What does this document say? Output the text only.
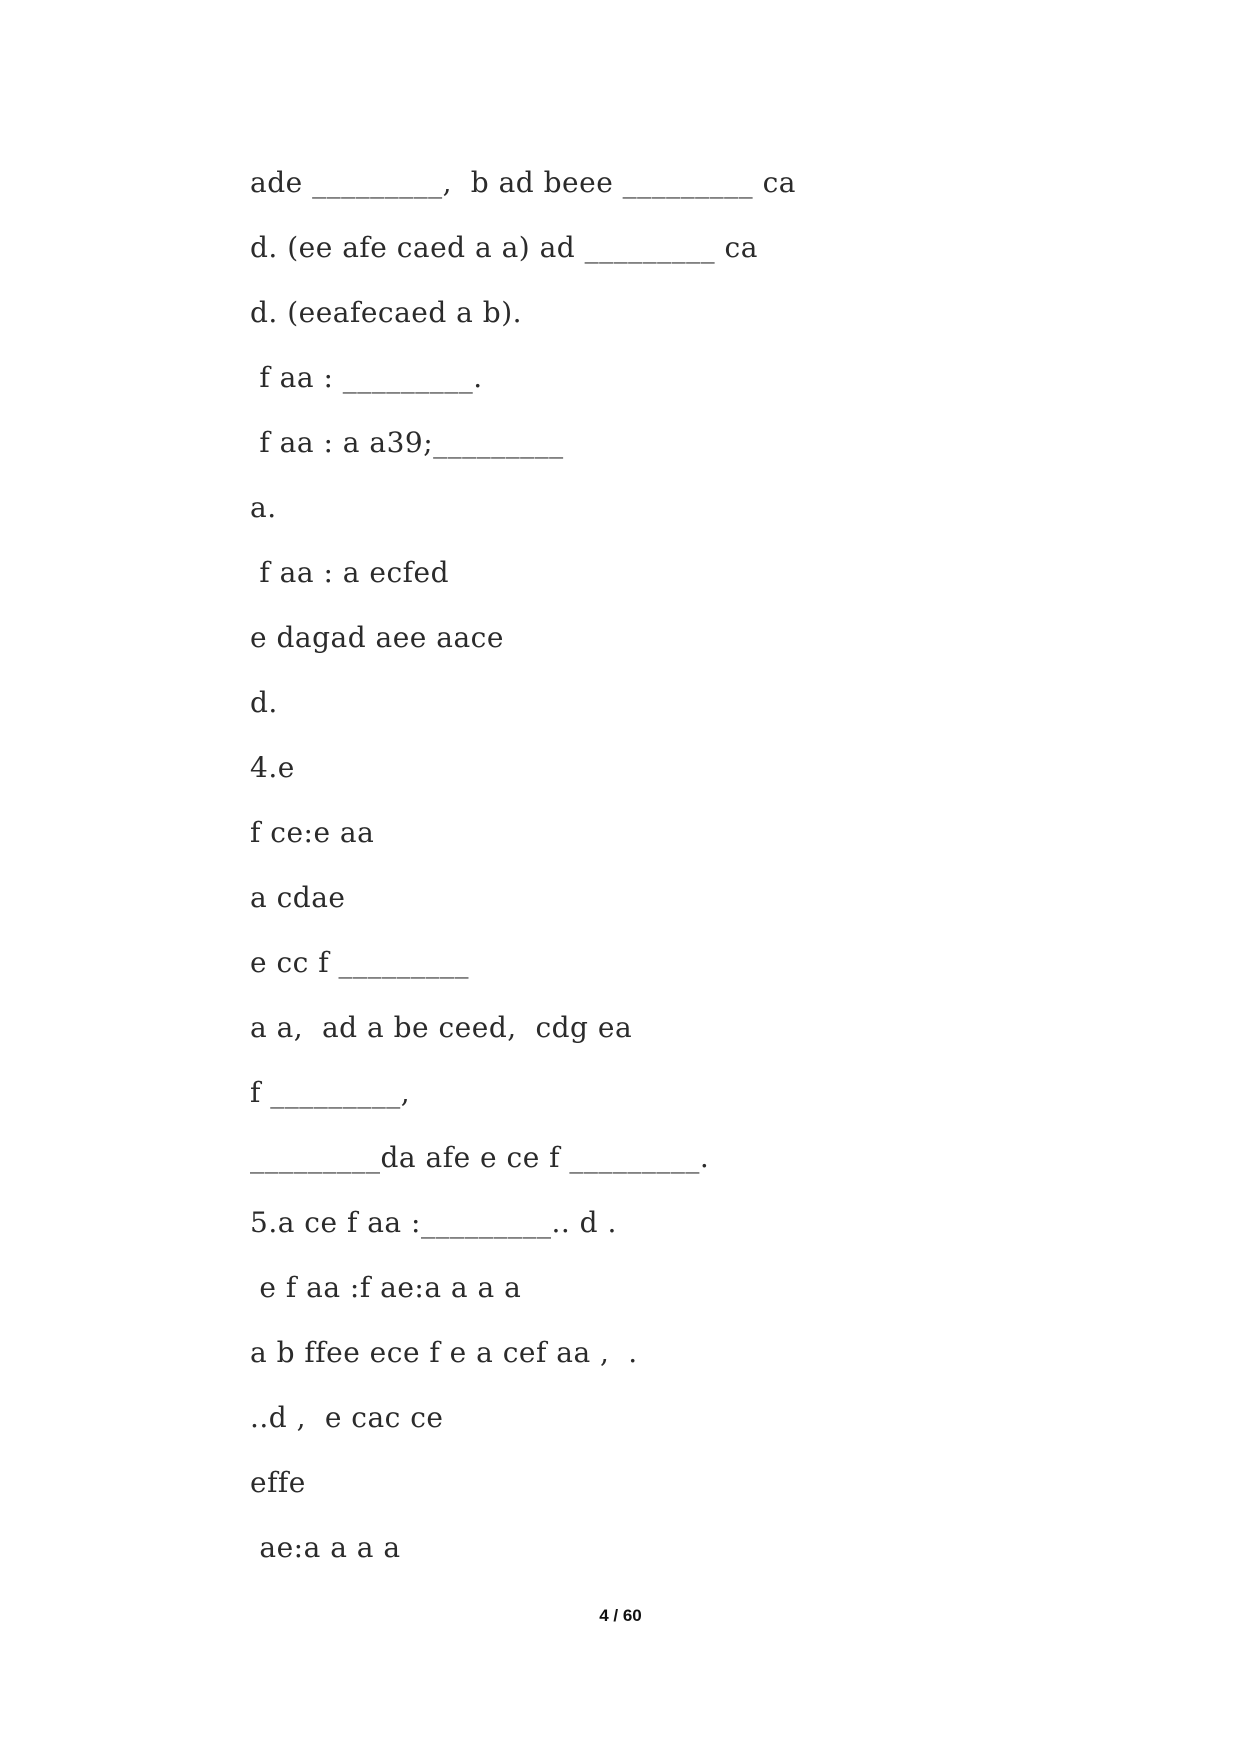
ade _________,  b ad beee _________ ca
d. (ee afe caed a a) ad _________ ca
d. (eeafecaed a b).
f aa : _________.
f aa : a a39;_________
a.
f aa : a ecfed
e dagad aee aace
d.
4.e
f ce:e aa
a cdae
e cc f _________
a a,  ad a be ceed,  cdg ea
f _________,
_________da afe e ce f _________.
5.a ce f aa :_________.. d .
e f aa :f ae:a a a a
a b ffee ece f e a cef aa ,  .
..d ,  e cac ce
effe
ae:a a a a
4 / 60
